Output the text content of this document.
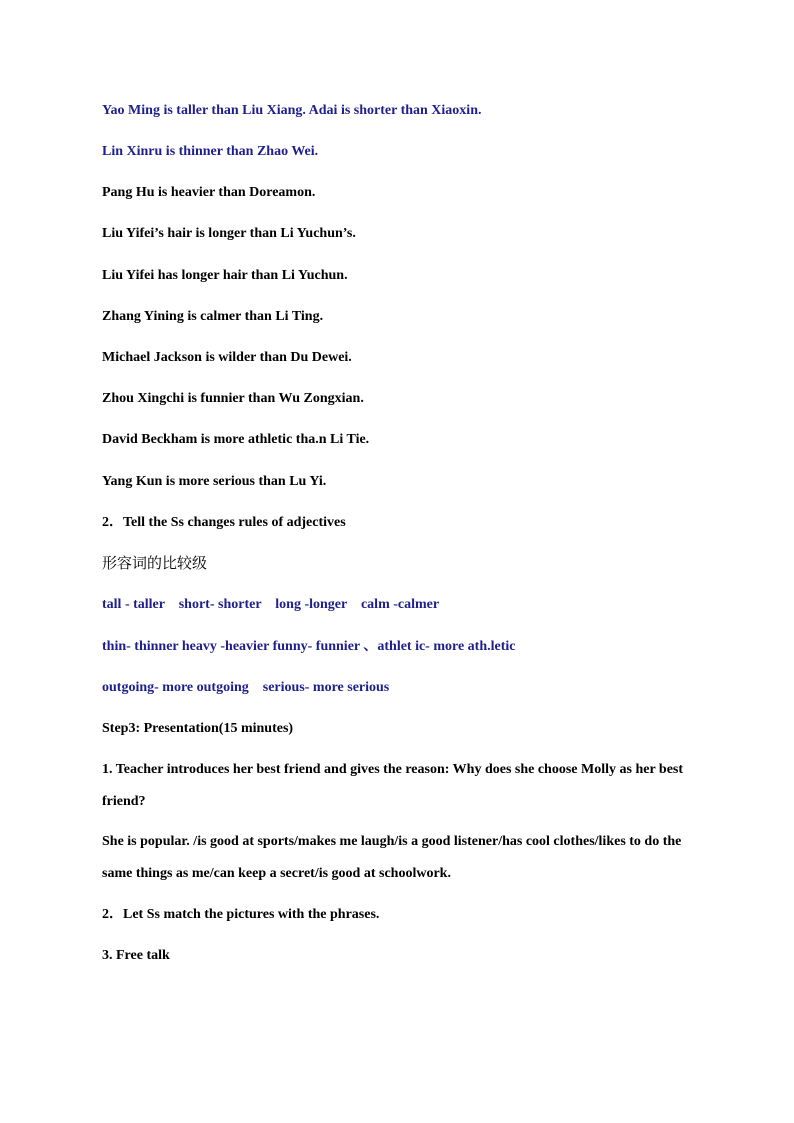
Yao Ming is taller than Liu Xiang. Adai is shorter than Xiaoxin.
Lin Xinru is thinner than Zhao Wei.
Pang Hu is heavier than Doreamon.
Liu Yifei’s hair is longer than Li Yuchun’s.
Liu Yifei has longer hair than Li Yuchun.
Zhang Yining is calmer than Li Ting.
Michael Jackson is wilder than Du Dewei.
Zhou Xingchi is funnier than Wu Zongxian.
David Beckham is more athletic tha.n Li Tie.
Yang Kun is more serious than Lu Yi.
2．Tell the Ss changes rules of adjectives
形容词的比较级
tall - taller    short- shorter    long -longer    calm -calmer
thin- thinner heavy -heavier funny- funnier 、athlet ic- more ath.letic
outgoing- more outgoing    serious- more serious
Step3: Presentation(15 minutes)
1. Teacher introduces her best friend and gives the reason: Why does she choose Molly as her best friend?
She is popular. /is good at sports/makes me laugh/is a good listener/has cool clothes/likes to do the same things as me/can keep a secret/is good at schoolwork.
2．Let Ss match the pictures with the phrases.
3. Free talk
